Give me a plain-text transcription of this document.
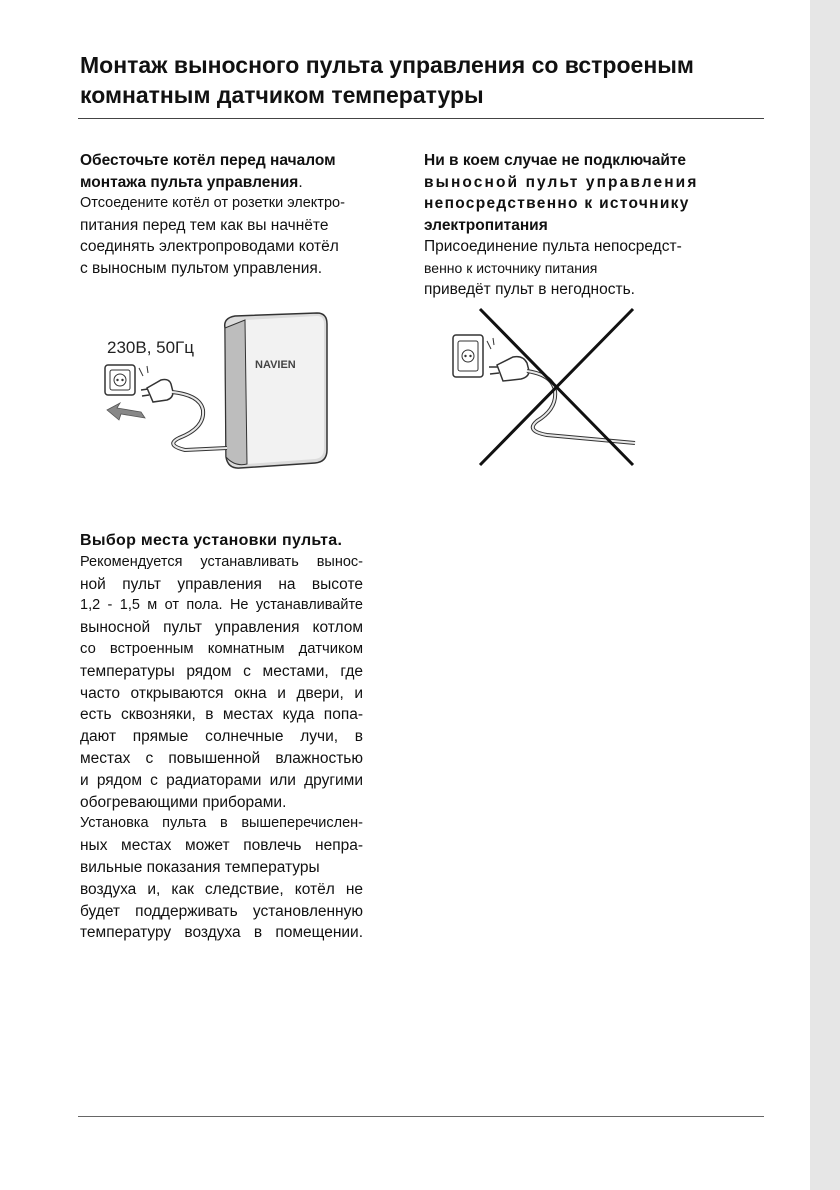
Монтаж выносного пульта управления со встроеным
комнатным датчиком температуры
Обесточьте котёл перед началом
монтажа пульта управления.
Отсоедените котёл от розетки электро-
питания перед тем как вы начнёте
соединять электропроводами котёл
с выносным пультом управления.
Ни в коем случае не подключайте
выносной пульт управления
непосредственно к источнику
электропитания
Присоединение пульта непосредст-
венно к источнику питания
приведёт пульт в негодность.
230В, 50Гц
NAVIEN
Выбор места установки пульта.
Рекомендуется устанавливать вынос-
ной пульт управления на высоте
1,2 - 1,5 м от пола. Не устанавливайте
выносной пульт управления котлом
со встроенным комнатным датчиком
температуры рядом с местами, где
часто открываются окна и двери, и
есть сквозняки, в местах куда попа-
дают прямые солнечные лучи, в
местах с повышенной влажностью
и рядом с радиаторами или другими
обогревающими приборами.
Установка пульта в вышеперечислен-
ных местах может повлечь непра-
вильные показания температуры
воздуха и, как следствие, котёл не
будет поддерживать установленную
температуру воздуха в помещении.
